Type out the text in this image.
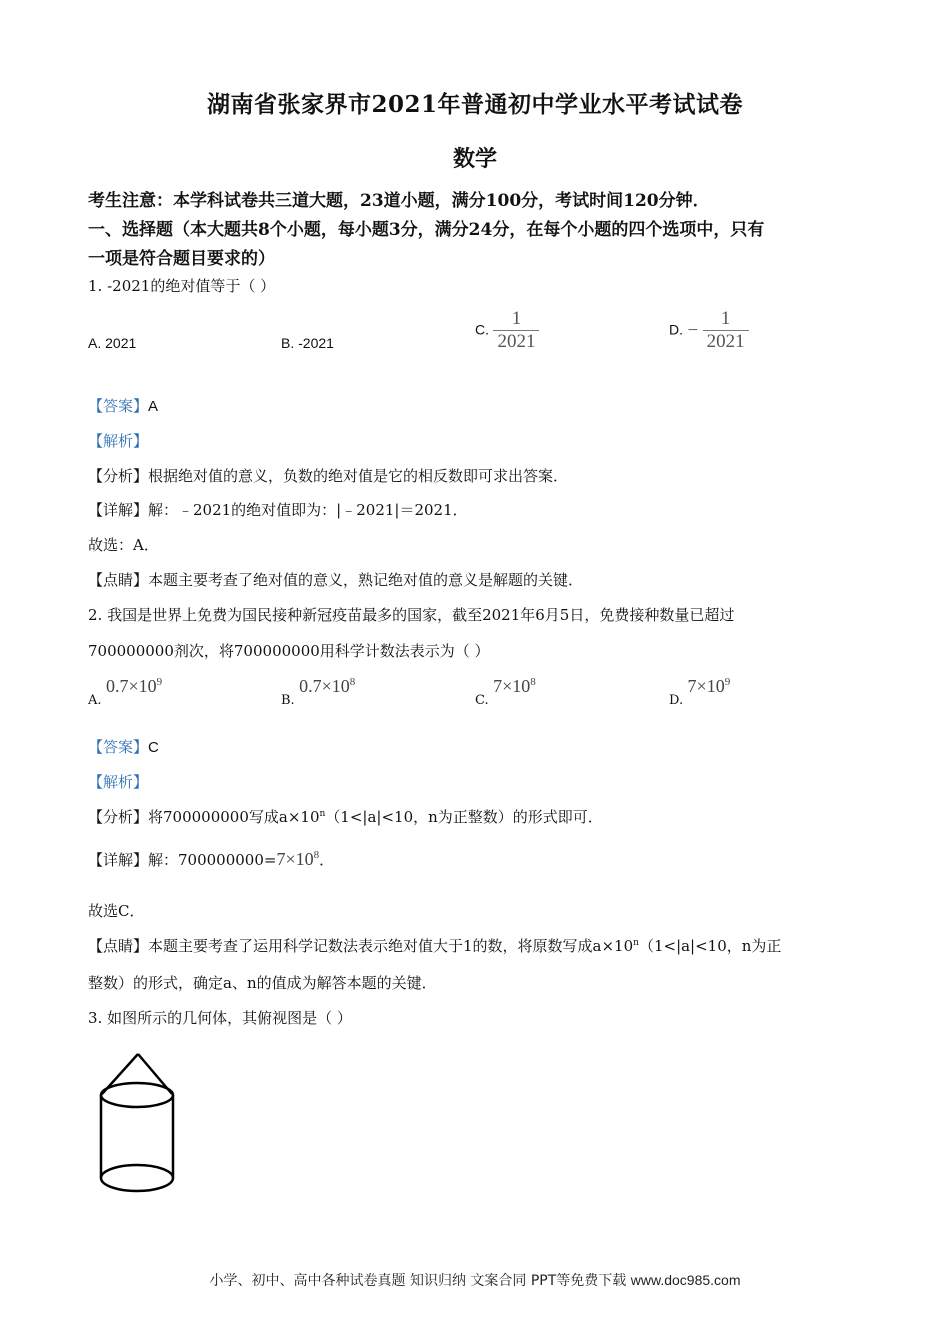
湖南省张家界市2021年普通初中学业水平考试试卷
数学
考生注意：本学科试卷共三道大题，23道小题，满分100分，考试时间120分钟．
一、选择题（本大题共8个小题，每小题3分，满分24分，在每个小题的四个选项中，只有
一项是符合题目要求的）
1. -2021的绝对值等于（ ）
A. 2021	B. -2021
C. $\frac{1}{2021}$	D. − $\frac{1}{2021}$
【答案】A
【解析】
【分析】根据绝对值的意义，负数的绝对值是它的相反数即可求出答案．
【详解】解：﹣2021的绝对值即为：|﹣2021|＝2021．
故选：A．
【点睛】本题主要考查了绝对值的意义，熟记绝对值的意义是解题的关键．
2. 我国是世界上免费为国民接种新冠疫苗最多的国家，截至2021年6月5日，免费接种数量已超过
700000000剂次，将700000000用科学计数法表示为（ ）
A. $0.7\times 10^9$
B. $0.7\times 10^8$
C. $7\times 10^8$
D. $7\times 10^9$
【答案】C
【解析】
【分析】将700000000写成$a\times 10^n(1<|a|<10$，n为正整数）的形式即可．
【详解】解：$700000000=7\times 10^8$．
故选C．
【点睛】本题主要考查了运用科学记数法表示绝对值大于1的数，将原数写成$a\times 10^n(1<|a|<10$，n为正
整数）的形式，确定a、n的值成为解答本题的关键．
3. 如图所示的几何体，其俯视图是（ ）
小学、初中、高中各种试卷真题 知识归纳 文案合同 PPT等免费下载 www.doc985.com
